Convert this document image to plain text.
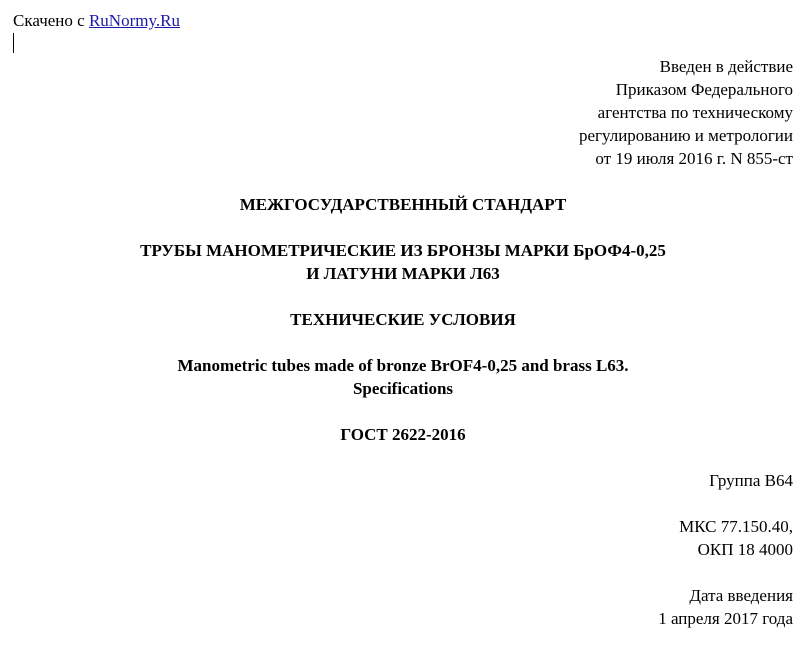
Скачено с RuNormy.Ru
Введен в действие
Приказом Федерального
агентства по техническому
регулированию и метрологии
от 19 июля 2016 г. N 855-ст
МЕЖГОСУДАРСТВЕННЫЙ СТАНДАРТ
ТРУБЫ МАНОМЕТРИЧЕСКИЕ ИЗ БРОНЗЫ МАРКИ БрОФ4-0,25
И ЛАТУНИ МАРКИ Л63
ТЕХНИЧЕСКИЕ УСЛОВИЯ
Manometric tubes made of bronze BrOF4-0,25 and brass L63.
Specifications
ГОСТ 2622-2016
Группа В64
МКС 77.150.40,
ОКП 18 4000
Дата введения
1 апреля 2017 года
